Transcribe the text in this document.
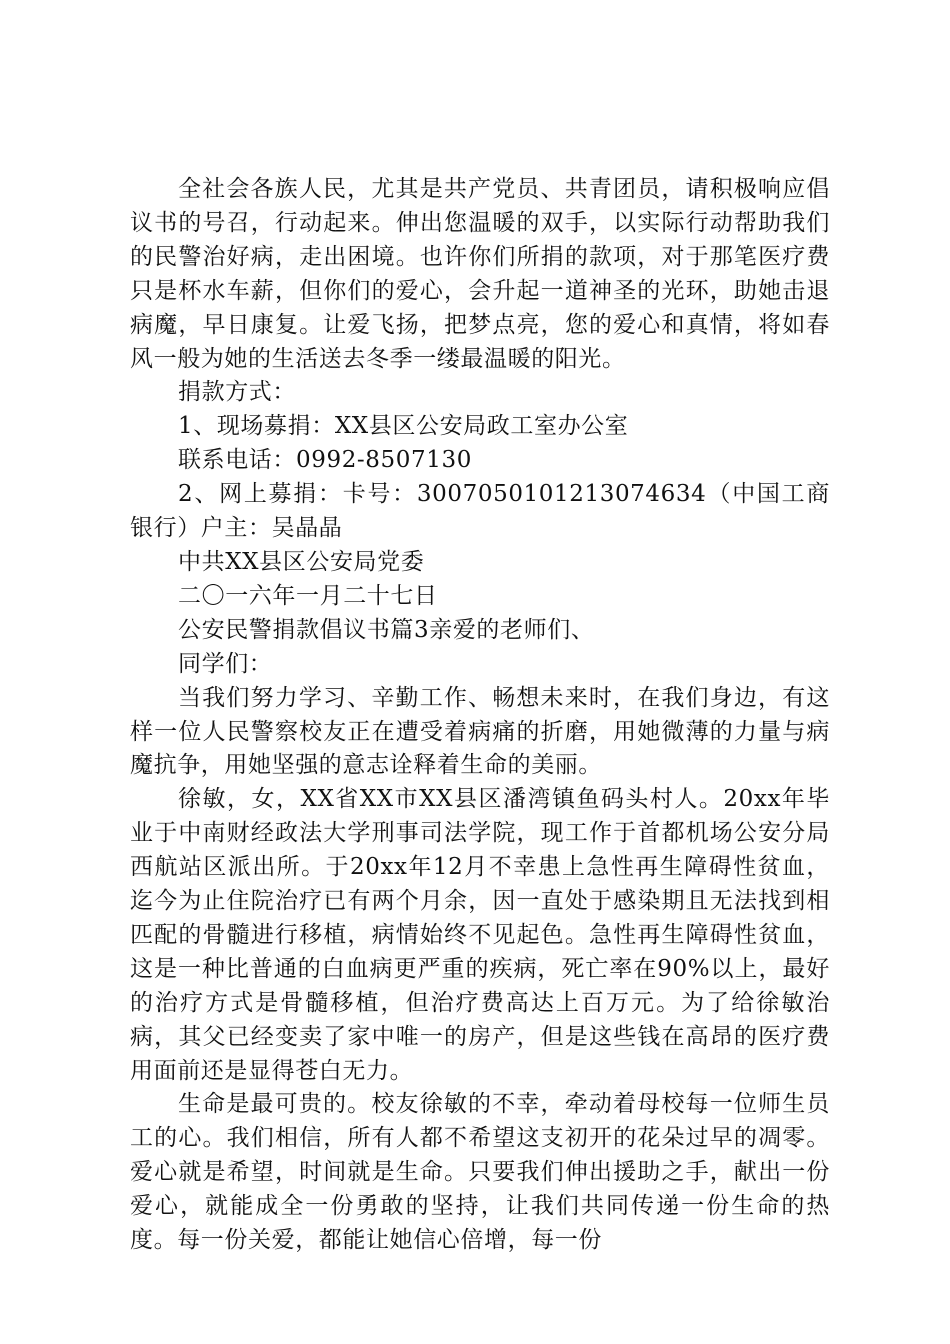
全社会各族人民，尤其是共产党员、共青团员，请积极响应倡议书的号召，行动起来。伸出您温暖的双手，以实际行动帮助我们的民警治好病，走出困境。也许你们所捐的款项，对于那笔医疗费只是杯水车薪，但你们的爱心，会升起一道神圣的光环，助她击退病魔，早日康复。让爱飞扬，把梦点亮，您的爱心和真情，将如春风一般为她的生活送去冬季一缕最温暖的阳光。

捐款方式：

1、现场募捐：XX县区公安局政工室办公室

联系电话：0992-8507130

2、网上募捐：卡号：3007050101213074634（中国工商银行）户主：吴晶晶

中共XX县区公安局党委

二〇一六年一月二十七日

公安民警捐款倡议书篇3亲爱的老师们、

同学们：

当我们努力学习、辛勤工作、畅想未来时，在我们身边，有这样一位人民警察校友正在遭受着病痛的折磨，用她微薄的力量与病魔抗争，用她坚强的意志诠释着生命的美丽。

徐敏，女，XX省XX市XX县区潘湾镇鱼码头村人。20xx年毕业于中南财经政法大学刑事司法学院，现工作于首都机场公安分局西航站区派出所。于20xx年12月不幸患上急性再生障碍性贫血，迄今为止住院治疗已有两个月余，因一直处于感染期且无法找到相匹配的骨髓进行移植，病情始终不见起色。急性再生障碍性贫血，这是一种比普通的白血病更严重的疾病，死亡率在90%以上，最好的治疗方式是骨髓移植，但治疗费高达上百万元。为了给徐敏治病，其父已经变卖了家中唯一的房产，但是这些钱在高昂的医疗费用面前还是显得苍白无力。

生命是最可贵的。校友徐敏的不幸，牵动着母校每一位师生员工的心。我们相信，所有人都不希望这支初开的花朵过早的凋零。爱心就是希望，时间就是生命。只要我们伸出援助之手，献出一份爱心，就能成全一份勇敢的坚持，让我们共同传递一份生命的热度。每一份关爱，都能让她信心倍增，每一份
